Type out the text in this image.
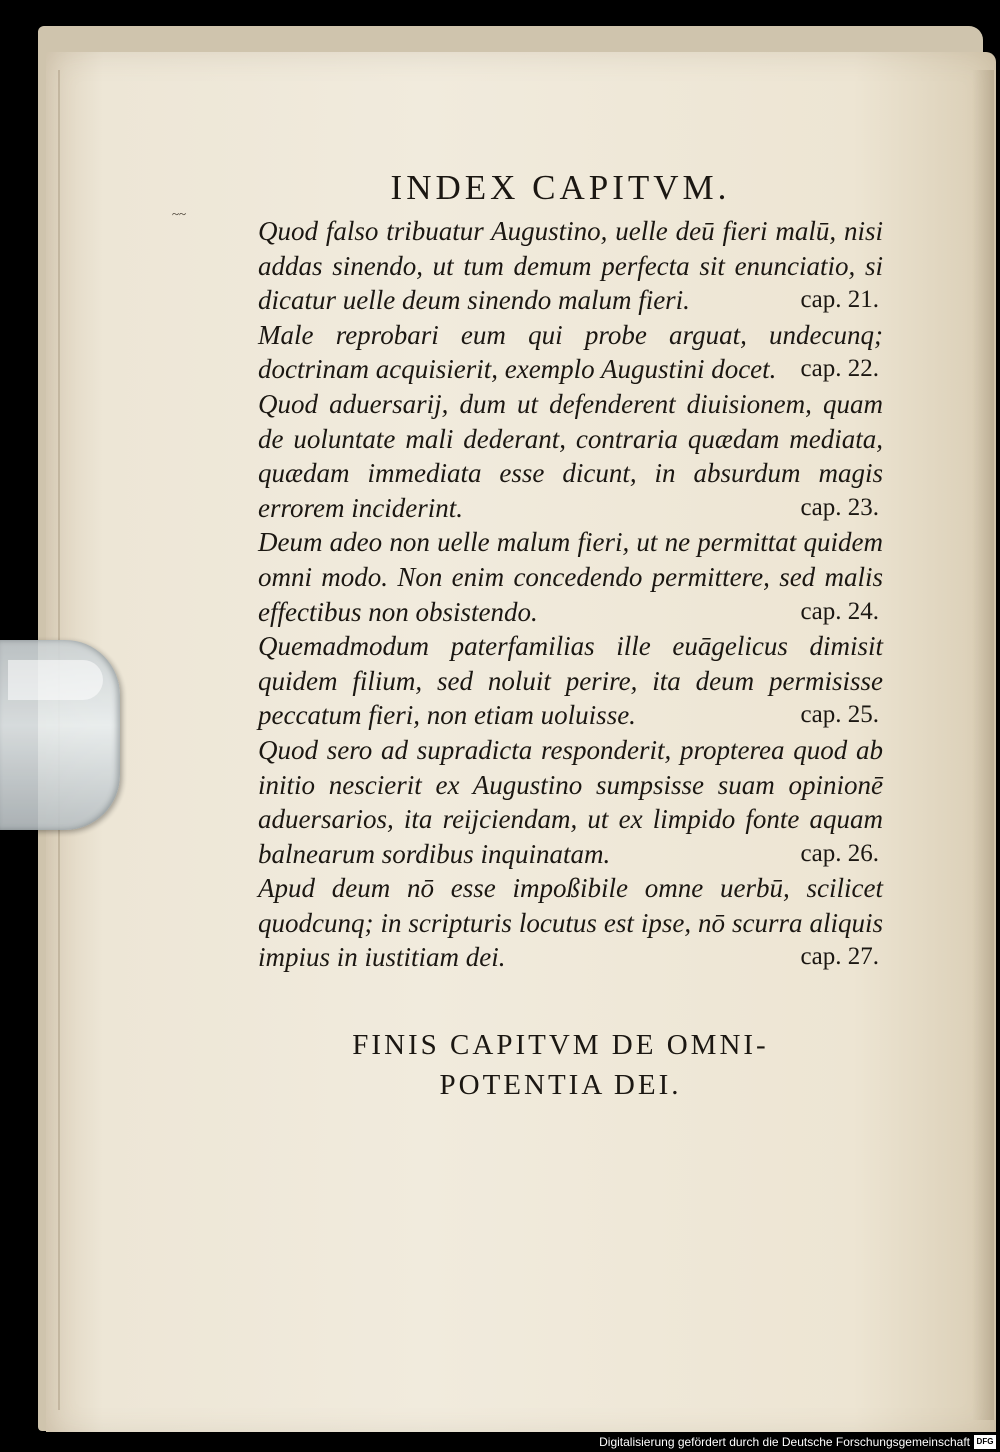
~~
INDEX CAPITVM.

Quod falso tribuatur Augustino, uelle deū fieri malū, nisi addas sinendo, ut tum demum perfecta sit enunciatio, si dicatur uelle deum sinendo malum fieri.	cap. 21.

Male reprobari eum qui probe arguat, undecunq; doctrinam acquisierit, exemplo Augustini docet. cap. 22.

Quod aduersarij, dum ut defenderent diuisionem, quam de uoluntate mali dederant, contraria quædam mediata, quædam immediata esse dicunt, in absurdum magis errorem inciderint.	cap. 23.

Deum adeo non uelle malum fieri, ut ne permittat quidem omni modo. Non enim concedendo permittere, sed malis effectibus non obsistendo.	cap. 24.

Quemadmodum paterfamilias ille euāgelicus dimisit quidem filium, sed noluit perire, ita deum permisisse peccatum fieri, non etiam uoluisse.	cap. 25.

Quod sero ad supradicta responderit, propterea quod ab initio nescierit ex Augustino sumpsisse suam opinionē aduersarios, ita reijciendam, ut ex limpido fonte aquam balnearum sordibus inquinatam.	cap. 26.

Apud deum nō esse impoßibile omne uerbū, scilicet quodcunq; in scripturis locutus est ipse, nō scurra aliquis impius in iustitiam dei.	cap. 27.

FINIS CAPITVM DE OMNI-
POTENTIA DEI.
Digitalisierung gefördert durch die Deutsche Forschungsgemeinschaft DFG
